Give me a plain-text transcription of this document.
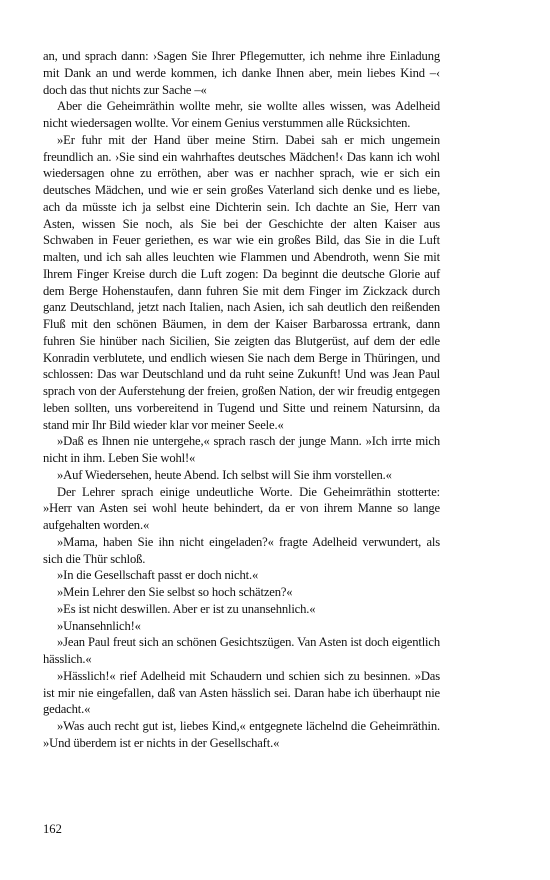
an, und sprach dann: ›Sagen Sie Ihrer Pflegemutter, ich nehme ihre Einladung mit Dank an und werde kommen, ich danke Ihnen aber, mein liebes Kind –‹ doch das thut nichts zur Sache –«

Aber die Geheimräthin wollte mehr, sie wollte alles wissen, was Adelheid nicht wiedersagen wollte. Vor einem Genius verstummen alle Rücksichten.

»Er fuhr mit der Hand über meine Stirn. Dabei sah er mich ungemein freundlich an. ›Sie sind ein wahrhaftes deutsches Mädchen!‹ Das kann ich wohl wiedersagen ohne zu erröthen, aber was er nachher sprach, wie er sich ein deutsches Mädchen, und wie er sein großes Vaterland sich denke und es liebe, ach da müsste ich ja selbst eine Dichterin sein. Ich dachte an Sie, Herr van Asten, wissen Sie noch, als Sie bei der Geschichte der alten Kaiser aus Schwaben in Feuer geriethen, es war wie ein großes Bild, das Sie in die Luft malten, und ich sah alles leuchten wie Flammen und Abendroth, wenn Sie mit Ihrem Finger Kreise durch die Luft zogen: Da beginnt die deutsche Glorie auf dem Berge Hohenstaufen, dann fuhren Sie mit dem Finger im Zickzack durch ganz Deutschland, jetzt nach Italien, nach Asien, ich sah deutlich den reißenden Fluß mit den schönen Bäumen, in dem der Kaiser Barbarossa ertrank, dann fuhren Sie hinüber nach Sicilien, Sie zeigten das Blutgerüst, auf dem der edle Konradin verblutete, und endlich wiesen Sie nach dem Berge in Thüringen, und schlossen: Das war Deutschland und da ruht seine Zukunft! Und was Jean Paul sprach von der Auferstehung der freien, großen Nation, der wir freudig entgegen leben sollten, uns vorbereitend in Tugend und Sitte und reinem Natursinn, da stand mir Ihr Bild wieder klar vor meiner Seele.«

»Daß es Ihnen nie untergehe,« sprach rasch der junge Mann. »Ich irrte mich nicht in ihm. Leben Sie wohl!«

»Auf Wiedersehen, heute Abend. Ich selbst will Sie ihm vorstellen.«

Der Lehrer sprach einige undeutliche Worte. Die Geheimräthin stotterte: »Herr van Asten sei wohl heute behindert, da er von ihrem Manne so lange aufgehalten worden.«

»Mama, haben Sie ihn nicht eingeladen?« fragte Adelheid verwundert, als sich die Thür schloß.

»In die Gesellschaft passt er doch nicht.«

»Mein Lehrer den Sie selbst so hoch schätzen?«

»Es ist nicht deswillen. Aber er ist zu unansehnlich.«

»Unansehnlich!«

»Jean Paul freut sich an schönen Gesichtszügen. Van Asten ist doch eigentlich hässlich.«

»Hässlich!« rief Adelheid mit Schaudern und schien sich zu besinnen. »Das ist mir nie eingefallen, daß van Asten hässlich sei. Daran habe ich überhaupt nie gedacht.«

»Was auch recht gut ist, liebes Kind,« entgegnete lächelnd die Geheimräthin. »Und überdem ist er nichts in der Gesellschaft.«

162
